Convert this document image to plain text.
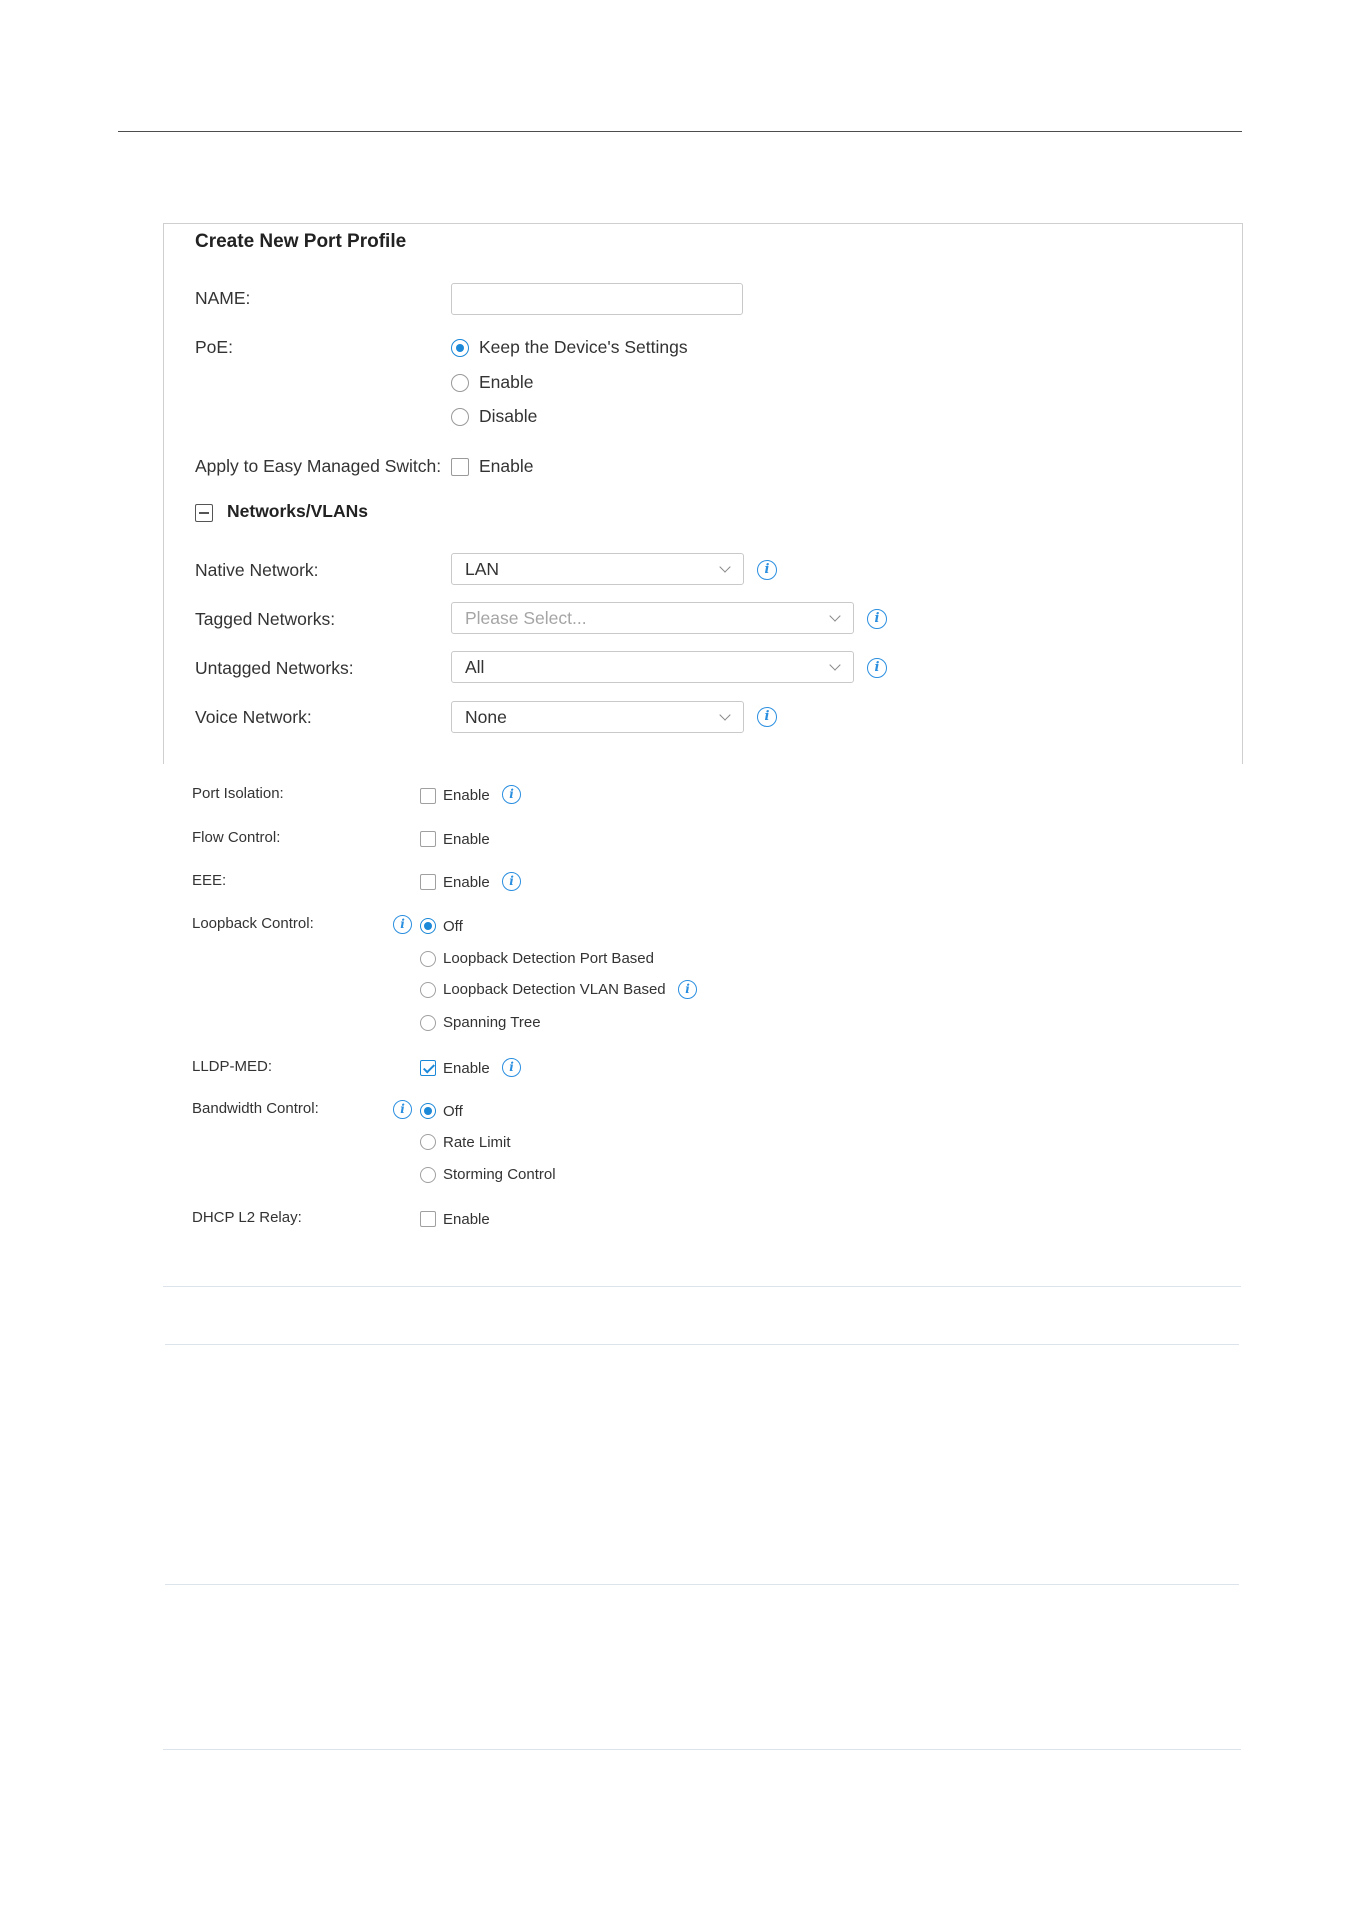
Create New Port Profile
NAME:
PoE:	Keep the Device's Settings
Enable
Disable
Apply to Easy Managed Switch: Enable
Networks/VLANs
Native Network:	LAN	i
Tagged Networks:	Please Select...	i
Untagged Networks:	All	i
Voice Network:	None	i
Port Isolation:	Enable	i
Flow Control:	Enable
EEE:	Enable	i
Loopback Control:	i	Off
Loopback Detection Port Based
Loopback Detection VLAN Based	i
Spanning Tree
LLDP-MED:	Enable	i
Bandwidth Control:	i	Off
Rate Limit
Storming Control
DHCP L2 Relay:	Enable
